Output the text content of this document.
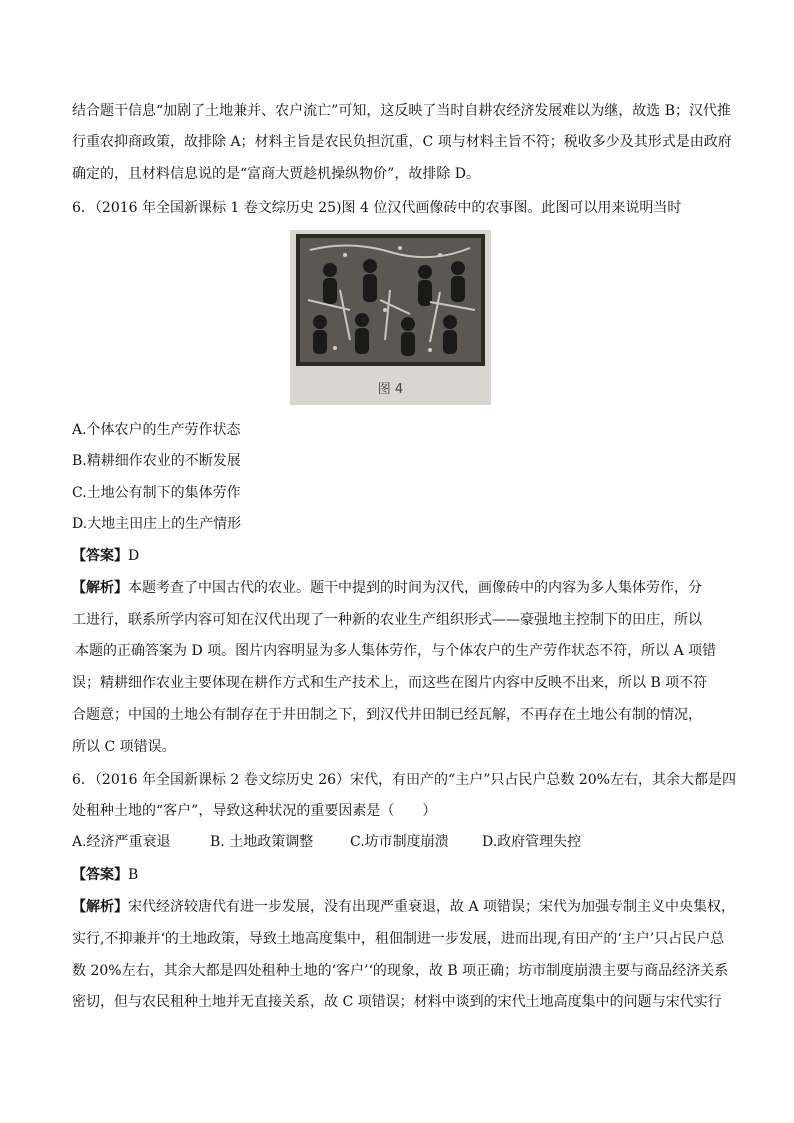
结合题干信息“加剧了土地兼并、农户流亡”可知，这反映了当时自耕农经济发展难以为继，故选 B；汉代推
行重农抑商政策，故排除 A；材料主旨是农民负担沉重，C 项与材料主旨不符；税收多少及其形式是由政府
确定的，且材料信息说的是“富商大贾趁机操纵物价”，故排除 D。
6．（2016 年全国新课标 1 卷文综历史 25)图 4 位汉代画像砖中的农事图。此图可以用来说明当时
图 4
A.个体农户的生产劳作状态
B.精耕细作农业的不断发展
C.土地公有制下的集体劳作
D.大地主田庄上的生产情形
【答案】D
【解析】本题考查了中国古代的农业。题干中提到的时间为汉代，画像砖中的内容为多人集体劳作，分
工进行，联系所学内容可知在汉代出现了一种新的农业生产组织形式——豪强地主控制下的田庄，所以
本题的正确答案为 D 项。图片内容明显为多人集体劳作，与个体农户的生产劳作状态不符，所以 A 项错
误；精耕细作农业主要体现在耕作方式和生产技术上，而这些在图片内容中反映不出来，所以 B 项不符
合题意；中国的土地公有制存在于井田制之下，到汉代井田制已经瓦解，不再存在土地公有制的情况，
所以 C 项错误。
6．（2016 年全国新课标 2 卷文综历史 26）宋代，有田产的“主户”只占民户总数 20%左右，其余大都是四
处租种土地的“客户”，导致这种状况的重要因素是（　　）
A.经济严重衰退	B. 土地政策调整	C.坊市制度崩溃 D.政府管理失控
【答案】B
【解析】宋代经济较唐代有进一步发展，没有出现严重衰退，故 A 项错误；宋代为加强专制主义中央集权，
实行,不抑兼并‘的土地政策，导致土地高度集中，租佃制进一步发展，进而出现,有田产的‘主户’只占民户总
数 20%左右，其余大都是四处租种土地的‘客户’‘的现象，故 B 项正确；坊市制度崩溃主要与商品经济关系
密切，但与农民租种土地并无直接关系，故 C 项错误；材料中谈到的宋代土地高度集中的问题与宋代实行
